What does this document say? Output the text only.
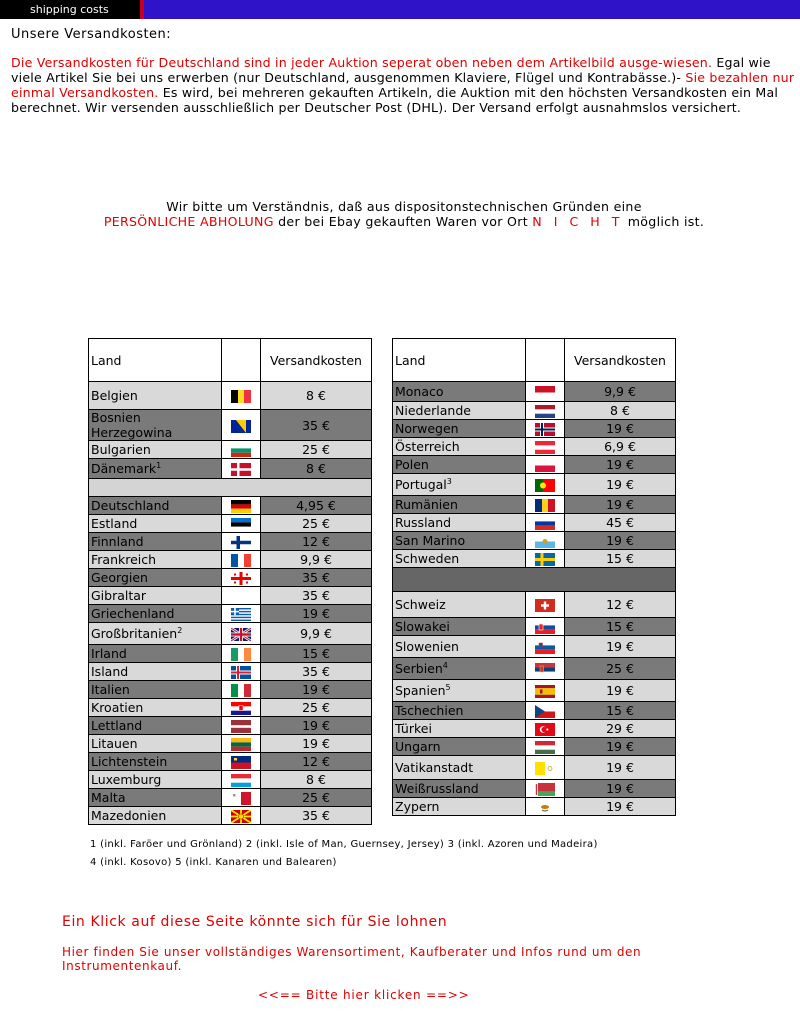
shipping costs
Unsere Versandkosten:
Die Versandkosten für Deutschland sind in jeder Auktion seperat oben neben dem Artikelbild ausge-wiesen. Egal wie viele Artikel Sie bei uns erwerben (nur Deutschland, ausgenommen Klaviere, Flügel und Kontrabässe.)- Sie bezahlen nur einmal Versandkosten. Es wird, bei mehreren gekauften Artikeln, die Auktion mit den höchsten Versandkosten ein Mal berechnet. Wir versenden ausschließlich per Deutscher Post (DHL). Der Versand erfolgt ausnahmslos versichert.
Wir bitte um Verständnis, daß aus dispositonstechnischen Gründen eine
PERSÖNLICHE ABHOLUNG der bei Ebay gekauften Waren vor Ort N I C H T möglich ist.
Land		Versandkosten
Belgien		8 €
Bosnien Herzegowina		35 €
Bulgarien		25 €
Dänemark$^1$		8 €

Deutschland		4,95 €
Estland		25 €
Finnland		12 €
Frankreich		9,9 €
Georgien		35 €
Gibraltar		35 €
Griechenland		19 €
Großbritanien$^2$		9,9 €
Irland		15 €
Island		35 €
Italien		19 €
Kroatien		25 €
Lettland		19 €
Litauen		19 €
Lichtenstein		12 €
Luxemburg		8 €
Malta		25 €
Mazedonien		35 €
Land		Versandkosten
Monaco		9,9 €
Niederlande		8 €
Norwegen		19 €
Österreich		6,9 €
Polen		19 €
Portugal$^3$		19 €
Rumänien		19 €
Russland		45 €
San Marino		19 €
Schweden		15 €

Schweiz		12 €
Slowakei		15 €
Slowenien		19 €
Serbien$^4$		25 €
Spanien$^5$		19 €
Tschechien		15 €
Türkei		29 €
Ungarn		19 €
Vatikanstadt		19 €
Weißrussland		19 €
Zypern		19 €
1 (inkl. Faröer und Grönland) 2 (inkl. Isle of Man, Guernsey, Jersey) 3 (inkl. Azoren und Madeira)
4 (inkl. Kosovo) 5 (inkl. Kanaren und Balearen)
Ein Klick auf diese Seite könnte sich für Sie lohnen
Hier finden Sie unser vollständiges Warensortiment, Kaufberater und Infos rund um den Instrumentenkauf.
<<== Bitte hier klicken ==>>
